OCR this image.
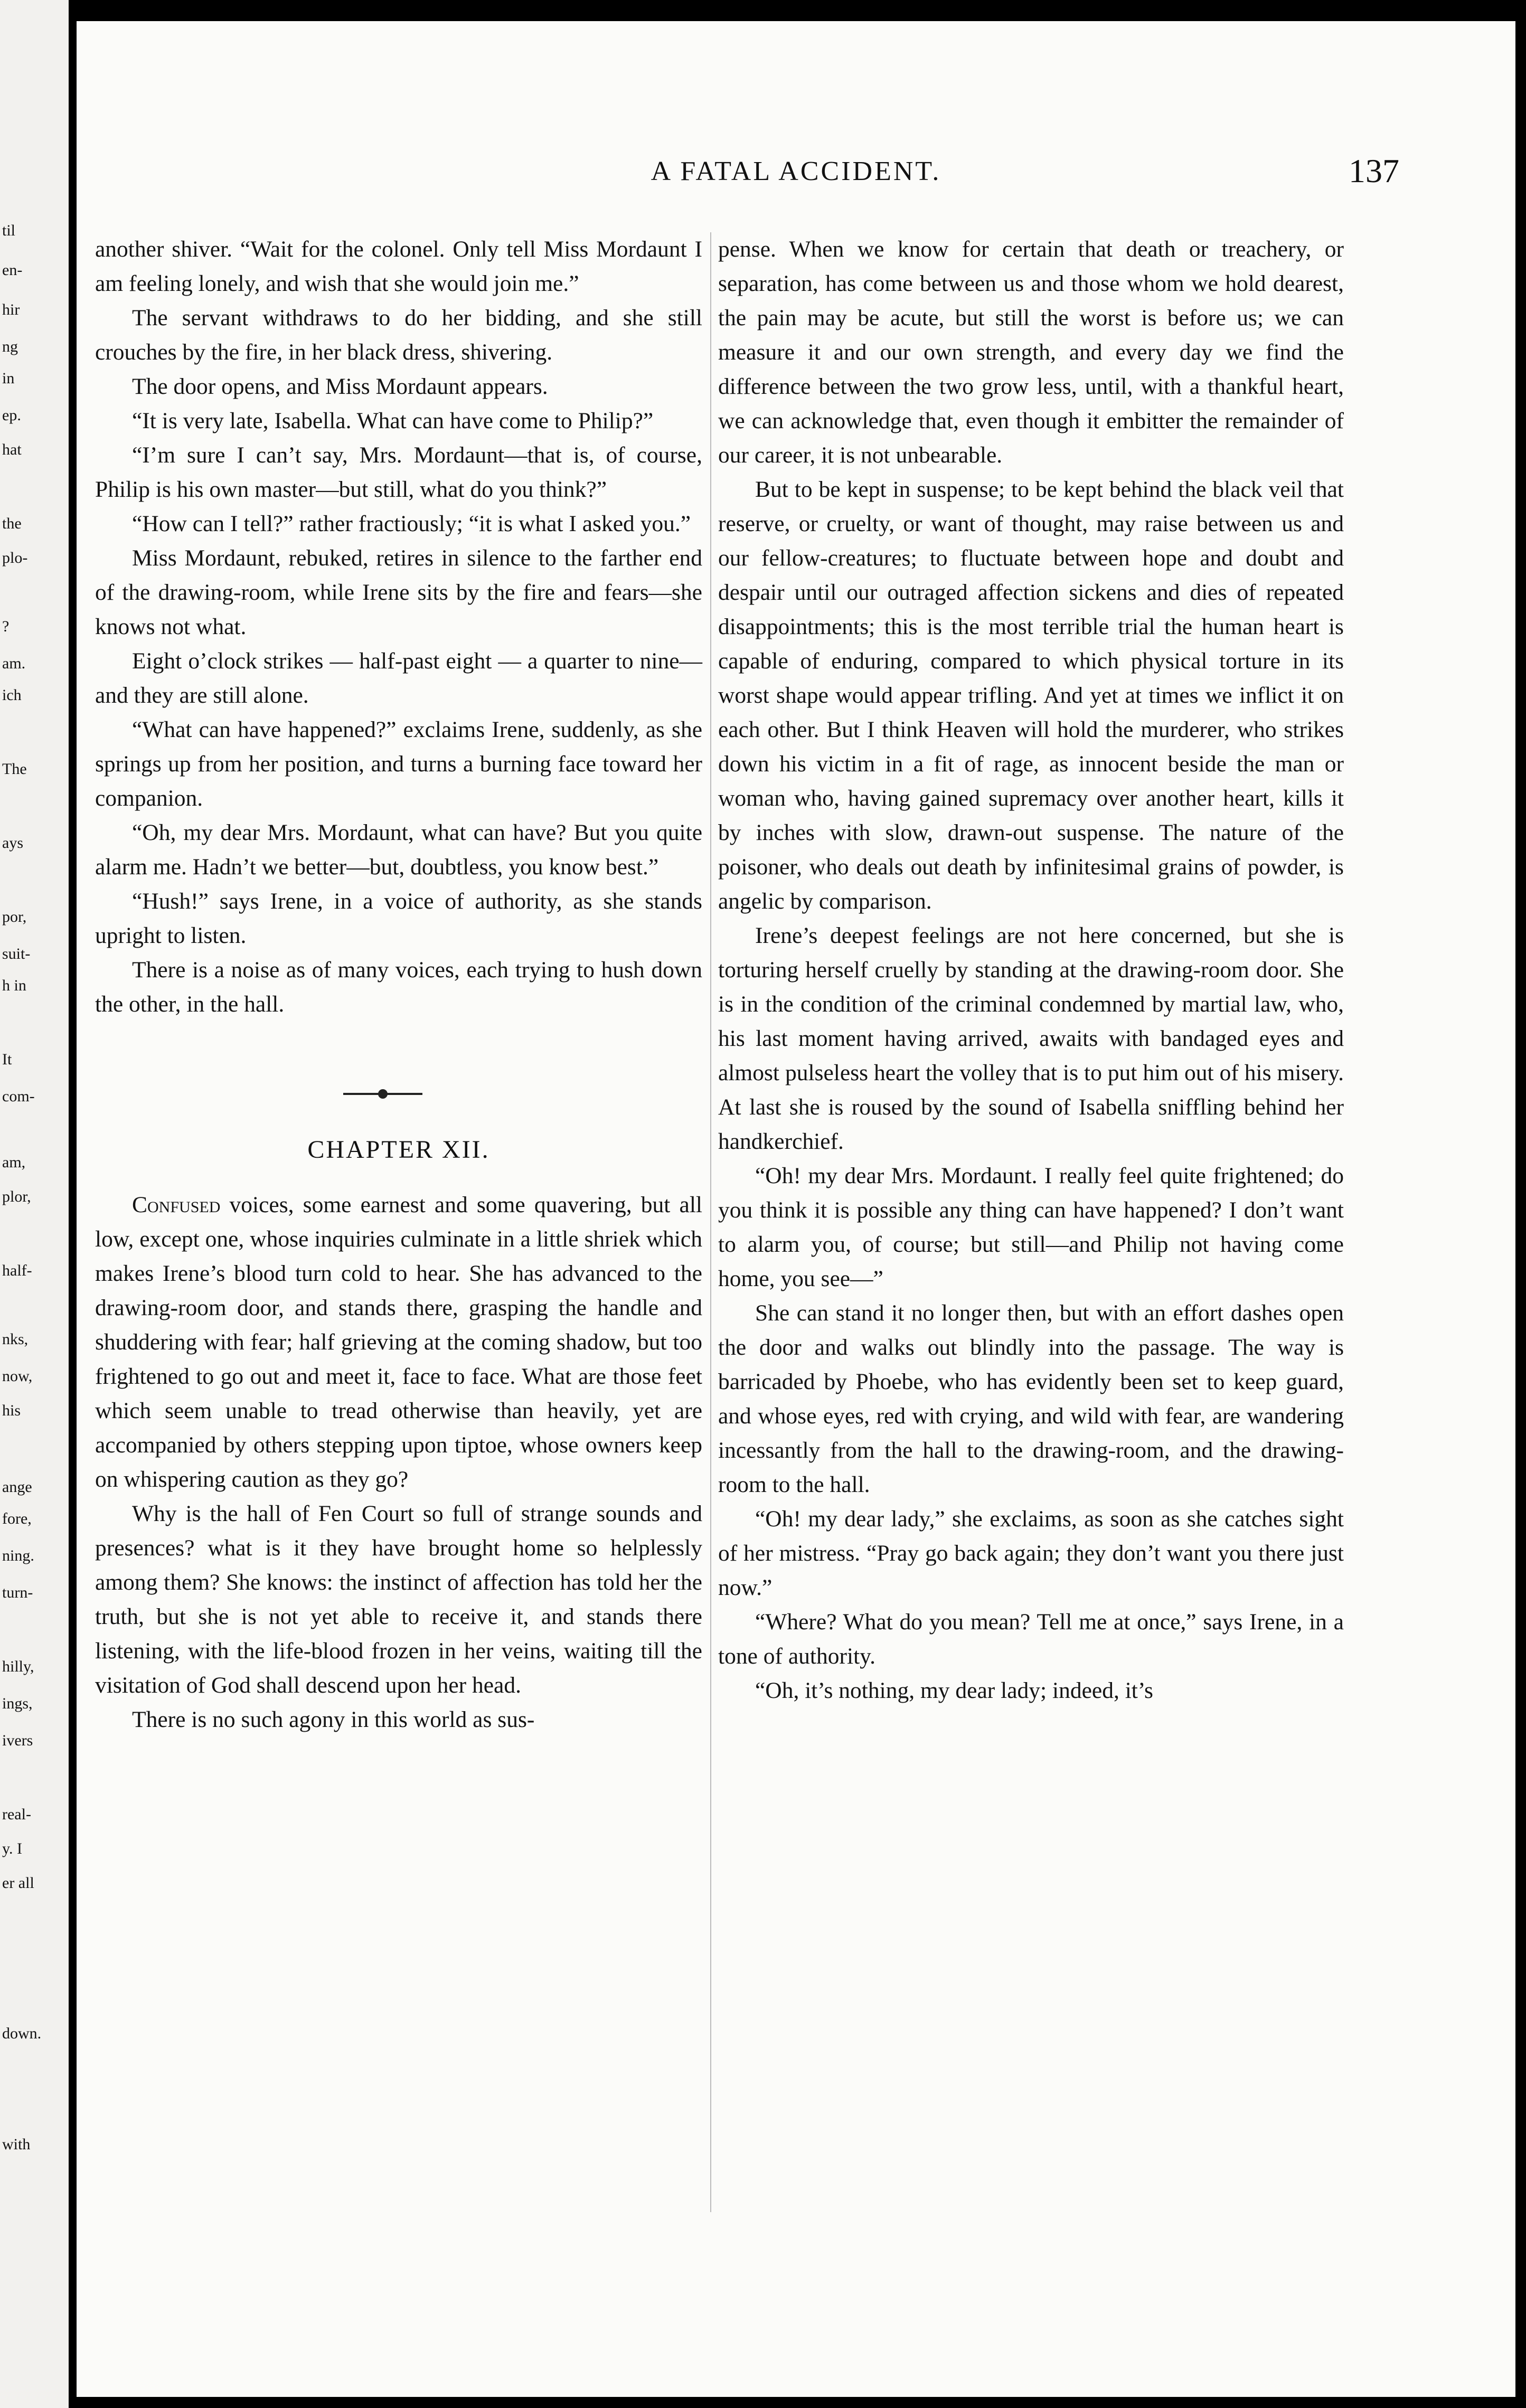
til
en-
hir
ng
in
ep.
hat
the
plo-
?
am.
ich
The
ays
por,
suit-
h in
It
com-
am,
plor,
half-
nks,
now,
his
ange
fore,
ning.
turn-
hilly,
ings,
ivers
real-
y. I
er all
down.
with
A FATAL ACCIDENT.	137

another shiver. “Wait for the colonel. Only tell Miss Mordaunt I am feeling lonely, and wish that she would join me.”

The servant withdraws to do her bidding, and she still crouches by the fire, in her black dress, shivering.

The door opens, and Miss Mordaunt appears.

“It is very late, Isabella. What can have come to Philip?”

“I’m sure I can’t say, Mrs. Mordaunt—that is, of course, Philip is his own master—but still, what do you think?”

“How can I tell?” rather fractiously; “it is what I asked you.”

Miss Mordaunt, rebuked, retires in silence to the farther end of the drawing-room, while Irene sits by the fire and fears—she knows not what.

Eight o’clock strikes — half-past eight — a quarter to nine—and they are still alone.

“What can have happened?” exclaims Irene, suddenly, as she springs up from her position, and turns a burning face toward her companion.

“Oh, my dear Mrs. Mordaunt, what can have? But you quite alarm me. Hadn’t we better—but, doubtless, you know best.”

“Hush!” says Irene, in a voice of authority, as she stands upright to listen.

There is a noise as of many voices, each trying to hush down the other, in the hall.

CHAPTER XII.

Confused voices, some earnest and some quavering, but all low, except one, whose inquiries culminate in a little shriek which makes Irene’s blood turn cold to hear. She has advanced to the drawing-room door, and stands there, grasping the handle and shuddering with fear; half grieving at the coming shadow, but too frightened to go out and meet it, face to face. What are those feet which seem unable to tread otherwise than heavily, yet are accompanied by others stepping upon tiptoe, whose owners keep on whispering caution as they go?

Why is the hall of Fen Court so full of strange sounds and presences? what is it they have brought home so helplessly among them? She knows: the instinct of affection has told her the truth, but she is not yet able to receive it, and stands there listening, with the life-blood frozen in her veins, waiting till the visitation of God shall descend upon her head.

There is no such agony in this world as sus-

pense. When we know for certain that death or treachery, or separation, has come between us and those whom we hold dearest, the pain may be acute, but still the worst is before us; we can measure it and our own strength, and every day we find the difference between the two grow less, until, with a thankful heart, we can acknowledge that, even though it embitter the remainder of our career, it is not unbearable.

But to be kept in suspense; to be kept behind the black veil that reserve, or cruelty, or want of thought, may raise between us and our fellow-creatures; to fluctuate between hope and doubt and despair until our outraged affection sickens and dies of repeated disappointments; this is the most terrible trial the human heart is capable of enduring, compared to which physical torture in its worst shape would appear trifling. And yet at times we inflict it on each other. But I think Heaven will hold the murderer, who strikes down his victim in a fit of rage, as innocent beside the man or woman who, having gained supremacy over another heart, kills it by inches with slow, drawn-out suspense. The nature of the poisoner, who deals out death by infinitesimal grains of powder, is angelic by comparison.

Irene’s deepest feelings are not here concerned, but she is torturing herself cruelly by standing at the drawing-room door. She is in the condition of the criminal condemned by martial law, who, his last moment having arrived, awaits with bandaged eyes and almost pulseless heart the volley that is to put him out of his misery. At last she is roused by the sound of Isabella sniffling behind her handkerchief.

“Oh! my dear Mrs. Mordaunt. I really feel quite frightened; do you think it is possible any thing can have happened? I don’t want to alarm you, of course; but still—and Philip not having come home, you see—”

She can stand it no longer then, but with an effort dashes open the door and walks out blindly into the passage. The way is barricaded by Phoebe, who has evidently been set to keep guard, and whose eyes, red with crying, and wild with fear, are wandering incessantly from the hall to the drawing-room, and the drawing-room to the hall.

“Oh! my dear lady,” she exclaims, as soon as she catches sight of her mistress. “Pray go back again; they don’t want you there just now.”

“Where? What do you mean? Tell me at once,” says Irene, in a tone of authority.

“Oh, it’s nothing, my dear lady; indeed, it’s
